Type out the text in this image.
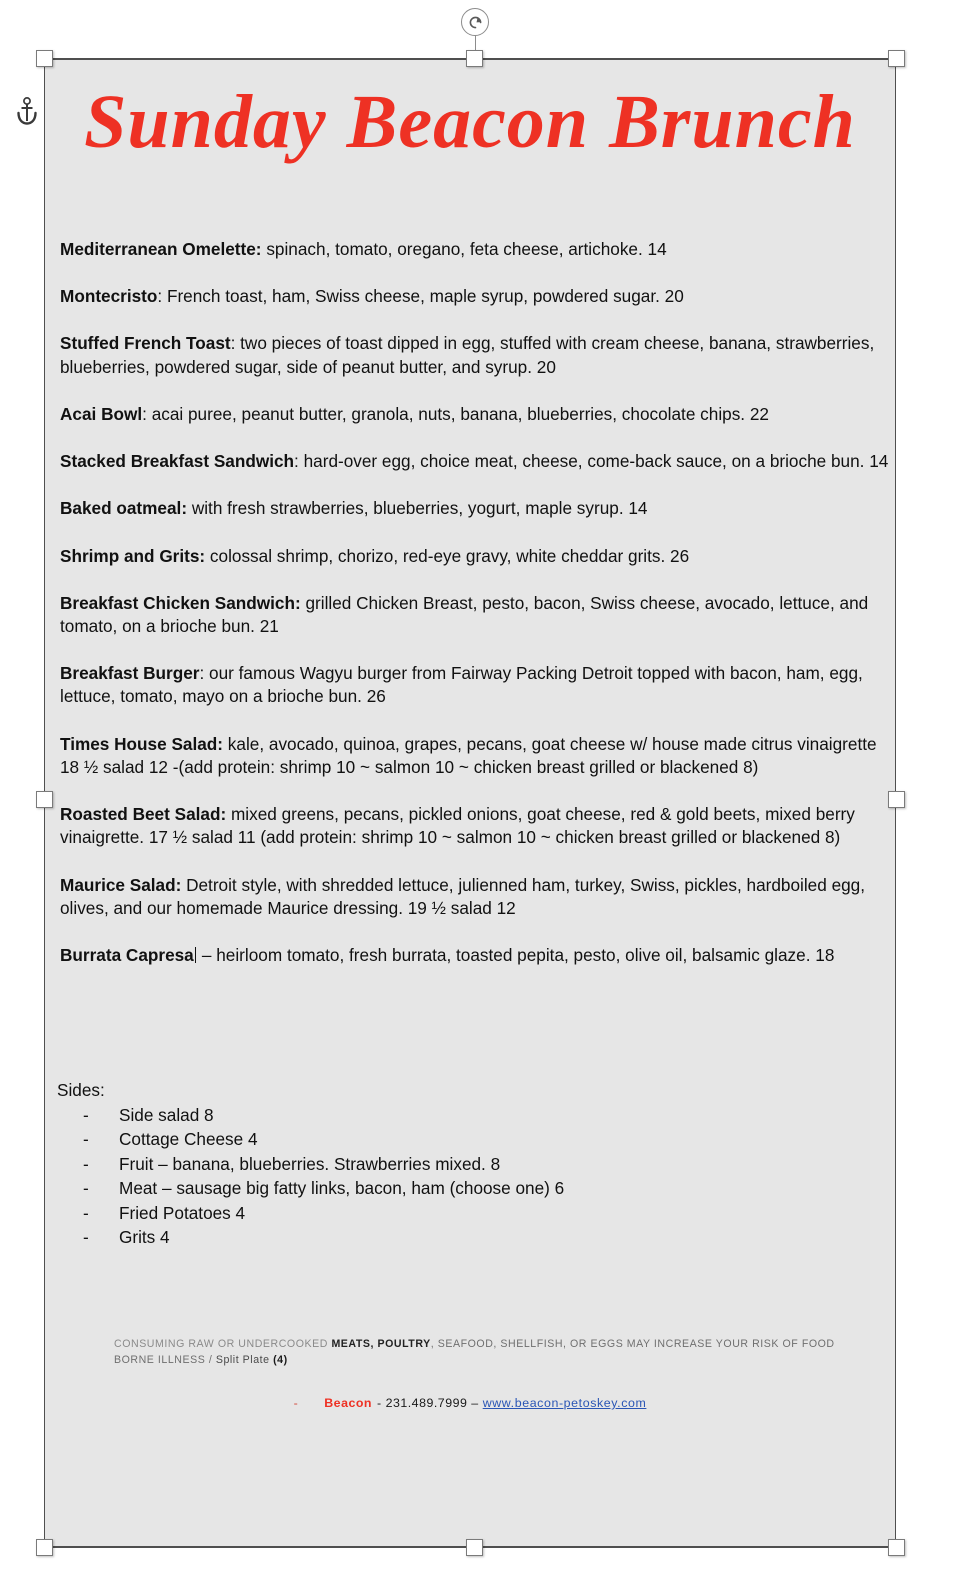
Sunday Beacon Brunch

Mediterranean Omelette: spinach, tomato, oregano, feta cheese, artichoke. 14

Montecristo: French toast, ham, Swiss cheese, maple syrup, powdered sugar. 20

Stuffed French Toast: two pieces of toast dipped in egg, stuffed with cream cheese, banana, strawberries, blueberries, powdered sugar, side of peanut butter, and syrup. 20

Acai Bowl: acai puree, peanut butter, granola, nuts, banana, blueberries, chocolate chips. 22

Stacked Breakfast Sandwich: hard-over egg, choice meat, cheese, come-back sauce, on a brioche bun. 14

Baked oatmeal: with fresh strawberries, blueberries, yogurt, maple syrup. 14

Shrimp and Grits: colossal shrimp, chorizo, red-eye gravy, white cheddar grits. 26

Breakfast Chicken Sandwich: grilled Chicken Breast, pesto, bacon, Swiss cheese, avocado, lettuce, and tomato, on a brioche bun. 21

Breakfast Burger: our famous Wagyu burger from Fairway Packing Detroit topped with bacon, ham, egg, lettuce, tomato, mayo on a brioche bun. 26

Times House Salad: kale, avocado, quinoa, grapes, pecans, goat cheese w/ house made citrus vinaigrette 18 ½ salad 12 -(add protein: shrimp 10 ~ salmon 10 ~ chicken breast grilled or blackened 8)

Roasted Beet Salad: mixed greens, pecans, pickled onions, goat cheese, red & gold beets, mixed berry vinaigrette. 17 ½ salad 11 (add protein: shrimp 10 ~ salmon 10 ~ chicken breast grilled or blackened 8)

Maurice Salad: Detroit style, with shredded lettuce, julienned ham, turkey, Swiss, pickles, hardboiled egg, olives, and our homemade Maurice dressing. 19 ½ salad 12

Burrata Capresa – heirloom tomato, fresh burrata, toasted pepita, pesto, olive oil, balsamic glaze. 18

Sides:
-	Side salad 8
-	Cottage Cheese 4
-	Fruit – banana, blueberries. Strawberries mixed. 8
-	Meat – sausage big fatty links, bacon, ham (choose one) 6
-	Fried Potatoes 4
-	Grits 4
CONSUMING RAW OR UNDERCOOKED MEATS, POULTRY, SEAFOOD, SHELLFISH, OR EGGS MAY INCREASE YOUR RISK OF FOOD BORNE ILLNESS / Split Plate (4)
- Beacon - 231.489.7999 – www.beacon-petoskey.com
